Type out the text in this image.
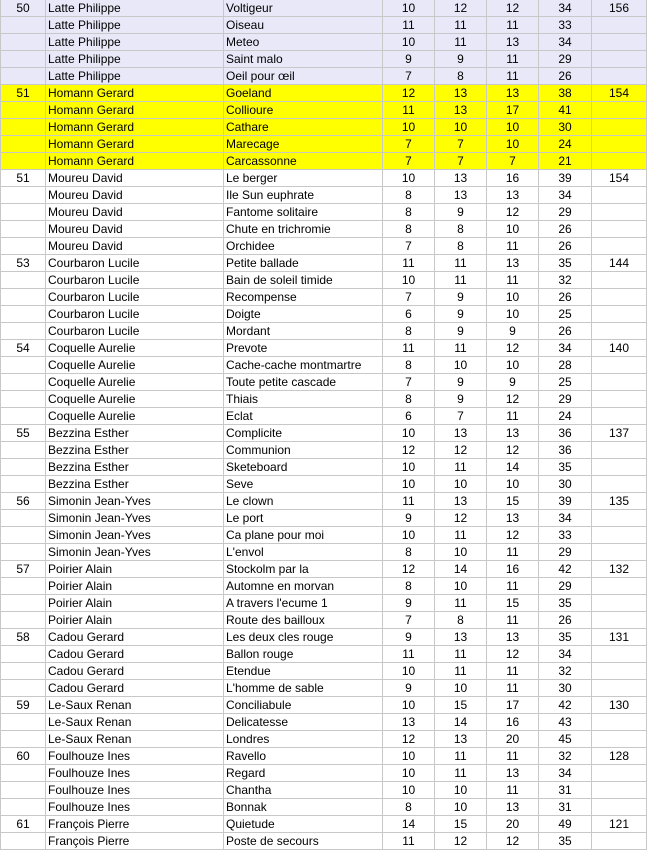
50	Latte Philippe	Voltigeur	10	12	12	34	156
	Latte Philippe	Oiseau	11	11	11	33	
	Latte Philippe	Meteo	10	11	13	34	
	Latte Philippe	Saint malo	9	9	11	29	
	Latte Philippe	Oeil pour œil	7	8	11	26	
51	Homann Gerard	Goeland	12	13	13	38	154
	Homann Gerard	Collioure	11	13	17	41	
	Homann Gerard	Cathare	10	10	10	30	
	Homann Gerard	Marecage	7	7	10	24	
	Homann Gerard	Carcassonne	7	7	7	21	
51	Moureu David	Le berger	10	13	16	39	154
	Moureu David	Ile Sun euphrate	8	13	13	34	
	Moureu David	Fantome solitaire	8	9	12	29	
	Moureu David	Chute en trichromie	8	8	10	26	
	Moureu David	Orchidee	7	8	11	26	
53	Courbaron Lucile	Petite ballade	11	11	13	35	144
	Courbaron Lucile	Bain de soleil timide	10	11	11	32	
	Courbaron Lucile	Recompense	7	9	10	26	
	Courbaron Lucile	Doigte	6	9	10	25	
	Courbaron Lucile	Mordant	8	9	9	26	
54	Coquelle Aurelie	Prevote	11	11	12	34	140
	Coquelle Aurelie	Cache-cache montmartre	8	10	10	28	
	Coquelle Aurelie	Toute petite cascade	7	9	9	25	
	Coquelle Aurelie	Thiais	8	9	12	29	
	Coquelle Aurelie	Eclat	6	7	11	24	
55	Bezzina Esther	Complicite	10	13	13	36	137
	Bezzina Esther	Communion	12	12	12	36	
	Bezzina Esther	Sketeboard	10	11	14	35	
	Bezzina Esther	Seve	10	10	10	30	
56	Simonin Jean-Yves	Le clown	11	13	15	39	135
	Simonin Jean-Yves	Le port	9	12	13	34	
	Simonin Jean-Yves	Ca plane pour moi	10	11	12	33	
	Simonin Jean-Yves	L'envol	8	10	11	29	
57	Poirier Alain	Stockolm par la	12	14	16	42	132
	Poirier Alain	Automne en morvan	8	10	11	29	
	Poirier Alain	A travers l'ecume 1	9	11	15	35	
	Poirier Alain	Route des bailloux	7	8	11	26	
58	Cadou Gerard	Les deux cles rouge	9	13	13	35	131
	Cadou Gerard	Ballon rouge	11	11	12	34	
	Cadou Gerard	Etendue	10	11	11	32	
	Cadou Gerard	L'homme de sable	9	10	11	30	
59	Le-Saux Renan	Conciliabule	10	15	17	42	130
	Le-Saux Renan	Delicatesse	13	14	16	43	
	Le-Saux Renan	Londres	12	13	20	45	
60	Foulhouze Ines	Ravello	10	11	11	32	128
	Foulhouze Ines	Regard	10	11	13	34	
	Foulhouze Ines	Chantha	10	10	11	31	
	Foulhouze Ines	Bonnak	8	10	13	31	
61	François Pierre	Quietude	14	15	20	49	121
	François Pierre	Poste de secours	11	12	12	35	
